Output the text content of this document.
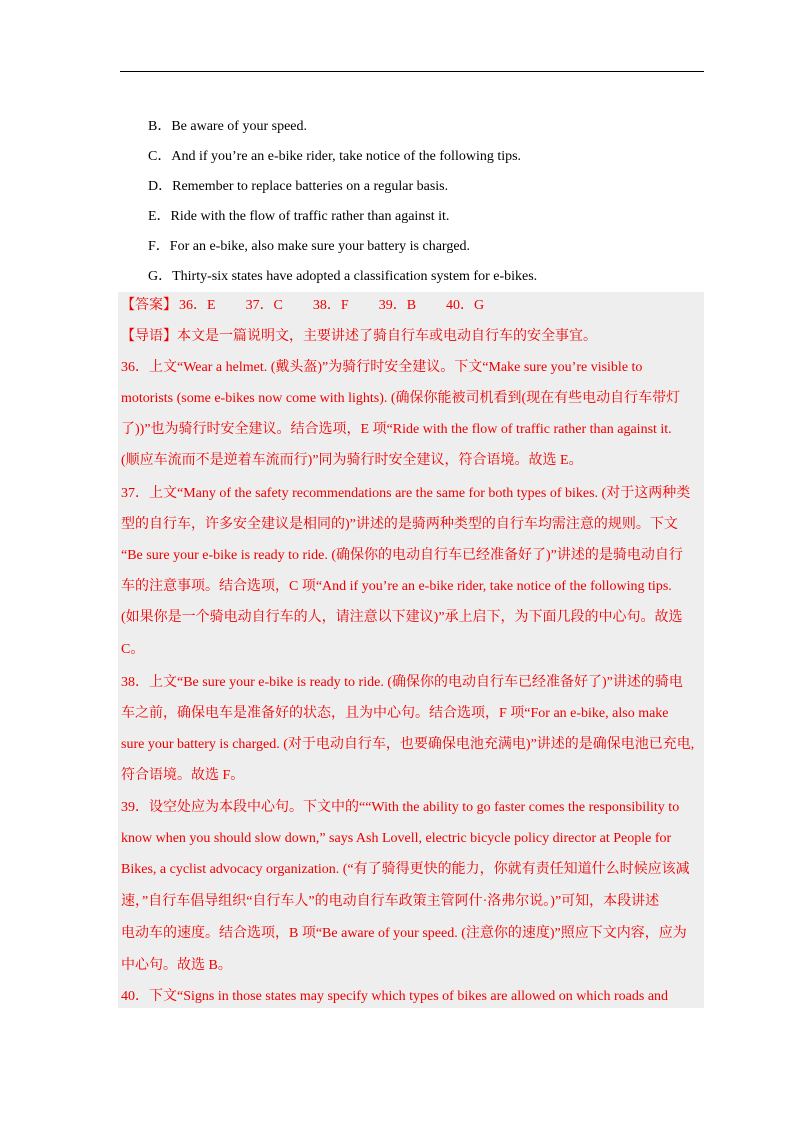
B．Be aware of your speed.
C．And if you’re an e-bike rider, take notice of the following tips.
D．Remember to replace batteries on a regular basis.
E．Ride with the flow of traffic rather than against it.
F．For an e-bike, also make sure your battery is charged.
G．Thirty-six states have adopted a classification system for e-bikes.
【答案】 36．E 37．C 38．F 39．B 40．G
【导语】本文是一篇说明文，主要讲述了骑自行车或电动自行车的安全事宜。
36．上文“Wear a helmet. (戴头盔)”为骑行时安全建议。下文“Make sure you’re visible to
motorists (some e-bikes now come with lights). (确保你能被司机看到(现在有些电动自行车带灯
了))”也为骑行时安全建议。结合选项，E 项“Ride with the flow of traffic rather than against it.
(顺应车流而不是逆着车流而行)”同为骑行时安全建议，符合语境。故选 E。
37．上文“Many of the safety recommendations are the same for both types of bikes. (对于这两种类
型的自行车，许多安全建议是相同的)”讲述的是骑两种类型的自行车均需注意的规则。下文
“Be sure your e-bike is ready to ride. (确保你的电动自行车已经准备好了)”讲述的是骑电动自行
车的注意事项。结合选项，C 项“And if you’re an e-bike rider, take notice of the following tips.
(如果你是一个骑电动自行车的人，请注意以下建议)”承上启下，为下面几段的中心句。故选
C。
38．上文“Be sure your e-bike is ready to ride. (确保你的电动自行车已经准备好了)”讲述的骑电
车之前，确保电车是准备好的状态，且为中心句。结合选项，F 项“For an e-bike, also make
sure your battery is charged. (对于电动自行车，也要确保电池充满电)”讲述的是确保电池已充电,
符合语境。故选 F。
39．设空处应为本段中心句。下文中的““With the ability to go faster comes the responsibility to
know when you should slow down,” says Ash Lovell, electric bicycle policy director at People for
Bikes, a cyclist advocacy organization. (“有了骑得更快的能力，你就有责任知道什么时候应该减
速，”自行车倡导组织“自行车人”的电动自行车政策主管阿什·洛弗尔说。)”可知，本段讲述
电动车的速度。结合选项，B 项“Be aware of your speed. (注意你的速度)”照应下文内容，应为
中心句。故选 B。
40．下文“Signs in those states may specify which types of bikes are allowed on which roads and
